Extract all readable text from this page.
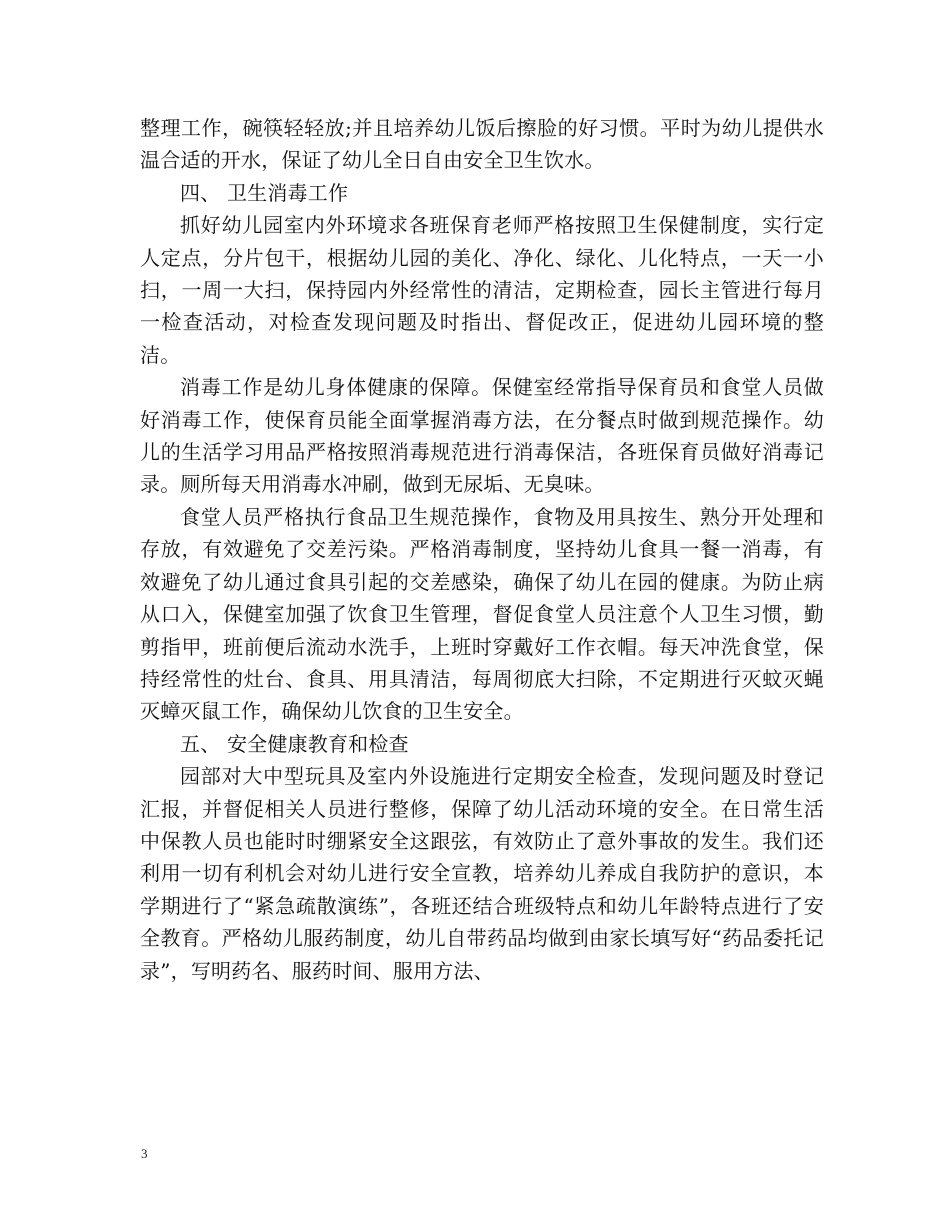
整理工作，碗筷轻轻放;并且培养幼儿饭后擦脸的好习惯。平时为幼儿提供水温合适的开水，保证了幼儿全日自由安全卫生饮水。

四、 卫生消毒工作

抓好幼儿园室内外环境求各班保育老师严格按照卫生保健制度，实行定人定点，分片包干，根据幼儿园的美化、净化、绿化、儿化特点，一天一小扫，一周一大扫，保持园内外经常性的清洁，定期检查，园长主管进行每月一检查活动，对检查发现问题及时指出、督促改正，促进幼儿园环境的整洁。

消毒工作是幼儿身体健康的保障。保健室经常指导保育员和食堂人员做好消毒工作，使保育员能全面掌握消毒方法，在分餐点时做到规范操作。幼儿的生活学习用品严格按照消毒规范进行消毒保洁，各班保育员做好消毒记录。厕所每天用消毒水冲刷，做到无尿垢、无臭味。

食堂人员严格执行食品卫生规范操作，食物及用具按生、熟分开处理和存放，有效避免了交差污染。严格消毒制度，坚持幼儿食具一餐一消毒，有效避免了幼儿通过食具引起的交差感染，确保了幼儿在园的健康。为防止病从口入，保健室加强了饮食卫生管理，督促食堂人员注意个人卫生习惯，勤剪指甲，班前便后流动水洗手，上班时穿戴好工作衣帽。每天冲洗食堂，保持经常性的灶台、食具、用具清洁，每周彻底大扫除，不定期进行灭蚊灭蝇灭蟑灭鼠工作，确保幼儿饮食的卫生安全。

五、 安全健康教育和检查

园部对大中型玩具及室内外设施进行定期安全检查，发现问题及时登记汇报，并督促相关人员进行整修，保障了幼儿活动环境的安全。在日常生活中保教人员也能时时绷紧安全这跟弦，有效防止了意外事故的发生。我们还利用一切有利机会对幼儿进行安全宣教，培养幼儿养成自我防护的意识，本学期进行了“紧急疏散演练”，各班还结合班级特点和幼儿年龄特点进行了安全教育。严格幼儿服药制度，幼儿自带药品均做到由家长填写好“药品委托记录”，写明药名、服药时间、服用方法、

3
